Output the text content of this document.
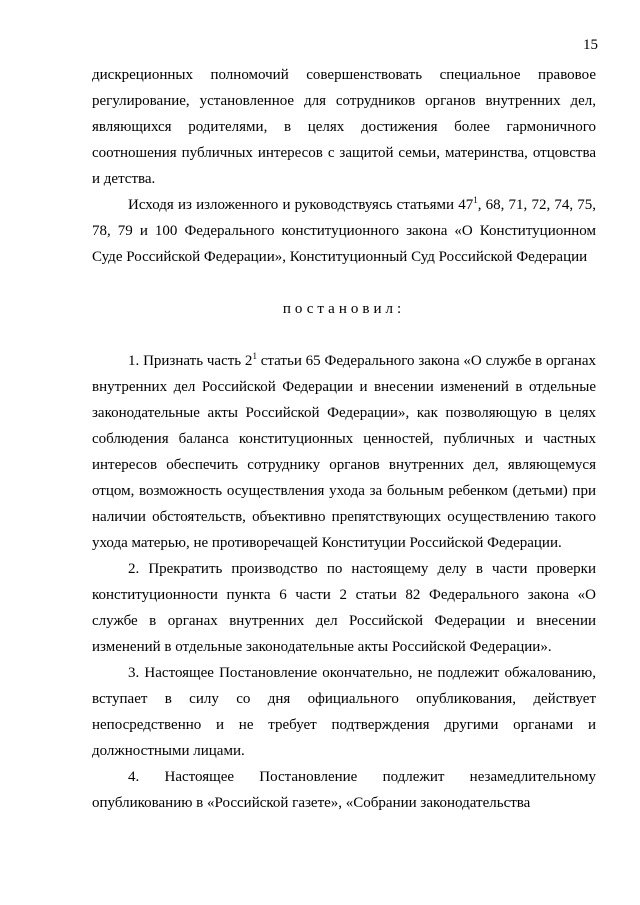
15

дискреционных полномочий совершенствовать специальное правовое регулирование, установленное для сотрудников органов внутренних дел, являющихся родителями, в целях достижения более гармоничного соотношения публичных интересов с защитой семьи, материнства, отцовства и детства.

Исходя из изложенного и руководствуясь статьями $47^1$, 68, 71, 72, 74, 75, 78, 79 и 100 Федерального конституционного закона «О Конституционном Суде Российской Федерации», Конституционный Суд Российской Федерации

постановил:

1. Признать часть $2^1$ статьи 65 Федерального закона «О службе в органах внутренних дел Российской Федерации и внесении изменений в отдельные законодательные акты Российской Федерации», как позволяющую в целях соблюдения баланса конституционных ценностей, публичных и частных интересов обеспечить сотруднику органов внутренних дел, являющемуся отцом, возможность осуществления ухода за больным ребенком (детьми) при наличии обстоятельств, объективно препятствующих осуществлению такого ухода матерью, не противоречащей Конституции Российской Федерации.

2. Прекратить производство по настоящему делу в части проверки конституционности пункта 6 части 2 статьи 82 Федерального закона «О службе в органах внутренних дел Российской Федерации и внесении изменений в отдельные законодательные акты Российской Федерации».

3. Настоящее Постановление окончательно, не подлежит обжалованию, вступает в силу со дня официального опубликования, действует непосредственно и не требует подтверждения другими органами и должностными лицами.

4. Настоящее Постановление подлежит незамедлительному опубликованию в «Российской газете», «Собрании законодательства
